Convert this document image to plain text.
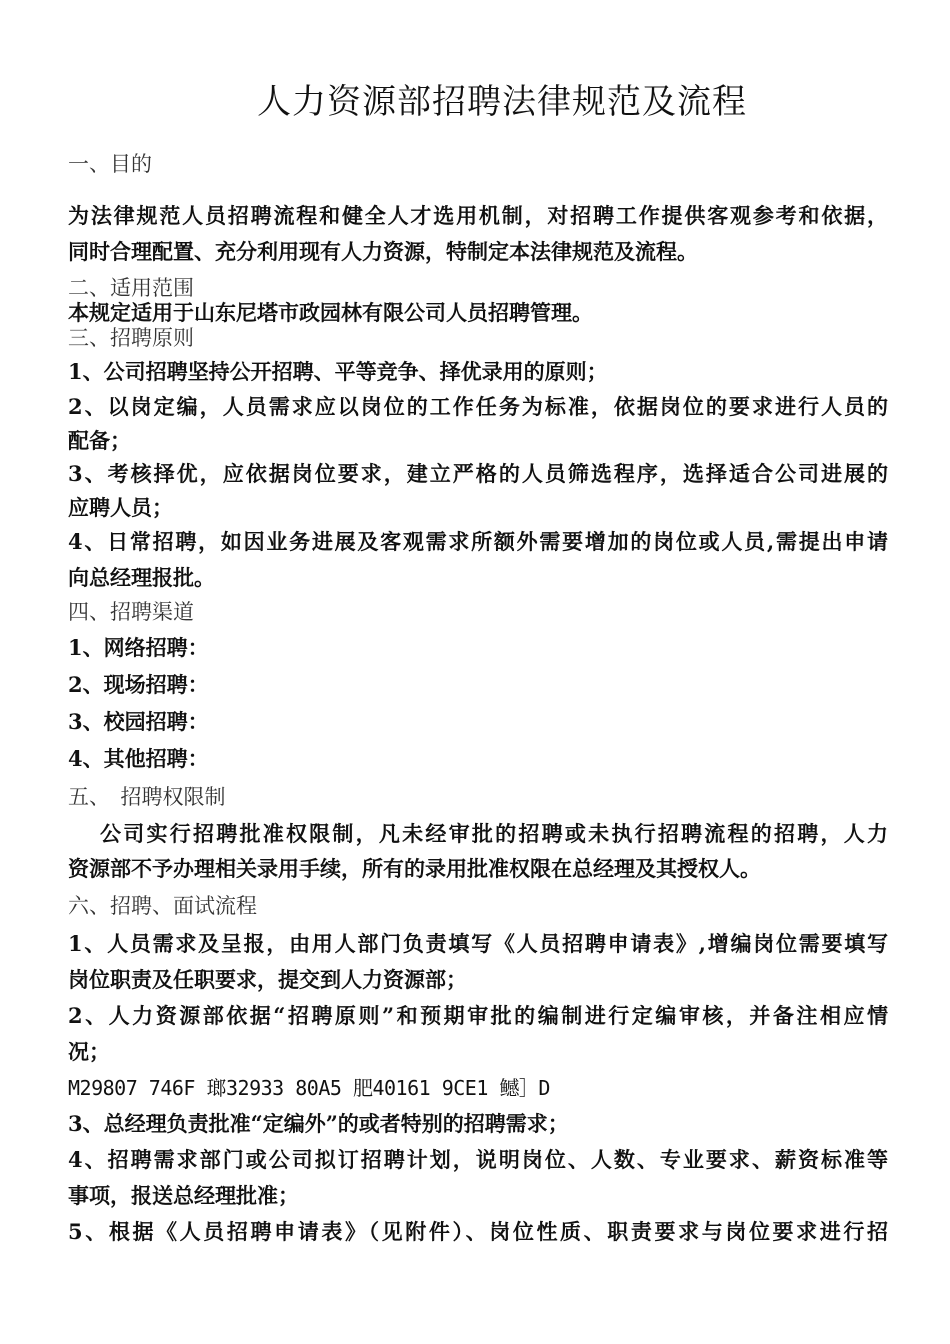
人力资源部招聘法律规范及流程
一、目的
为法律规范人员招聘流程和健全人才选用机制，对招聘工作提供客观参考和依据，
同时合理配置、充分利用现有人力资源，特制定本法律规范及流程。
二、适用范围
本规定适用于山东尼塔市政园林有限公司人员招聘管理。
三、招聘原则
1、公司招聘坚持公开招聘、平等竞争、择优录用的原则；
2、以岗定编，人员需求应以岗位的工作任务为标准，依据岗位的要求进行人员的
配备；
3、考核择优，应依据岗位要求，建立严格的人员筛选程序，选择适合公司进展的
应聘人员；
4、日常招聘，如因业务进展及客观需求所额外需要增加的岗位或人员,需提出申请
向总经理报批。
四、招聘渠道
1、网络招聘：
2、现场招聘：
3、校园招聘：
4、其他招聘：
五、　招聘权限制
公司实行招聘批准权限制，凡未经审批的招聘或未执行招聘流程的招聘，人力
资源部不予办理相关录用手续，所有的录用批准权限在总经理及其授权人。
六、招聘、面试流程
1、人员需求及呈报，由用人部门负责填写《人员招聘申请表》,增编岗位需要填写
岗位职责及任职要求，提交到人力资源部；
2、人力资源部依据“招聘原则”和预期审批的编制进行定编审核，并备注相应情
况；
M29807 746F 瑯32933 80A5 肥40161 9CE1 鳡］D
3、总经理负责批准“定编外”的或者特别的招聘需求；
4、招聘需求部门或公司拟订招聘计划，说明岗位、人数、专业要求、薪资标准等
事项，报送总经理批准；
5、根据《人员招聘申请表》（见附件）、岗位性质、职责要求与岗位要求进行招
